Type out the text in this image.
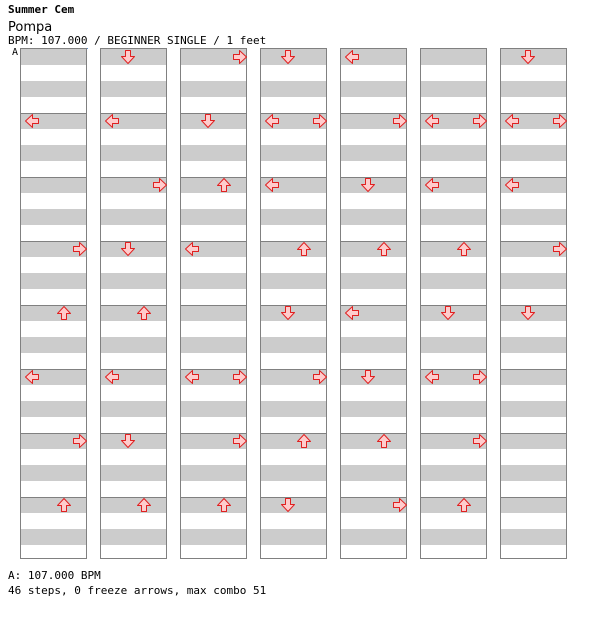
Summer Cem
Pompa
BPM: 107.000 / BEGINNER SINGLE / 1 feet
A
A: 107.000 BPM
46 steps, 0 freeze arrows, max combo 51
